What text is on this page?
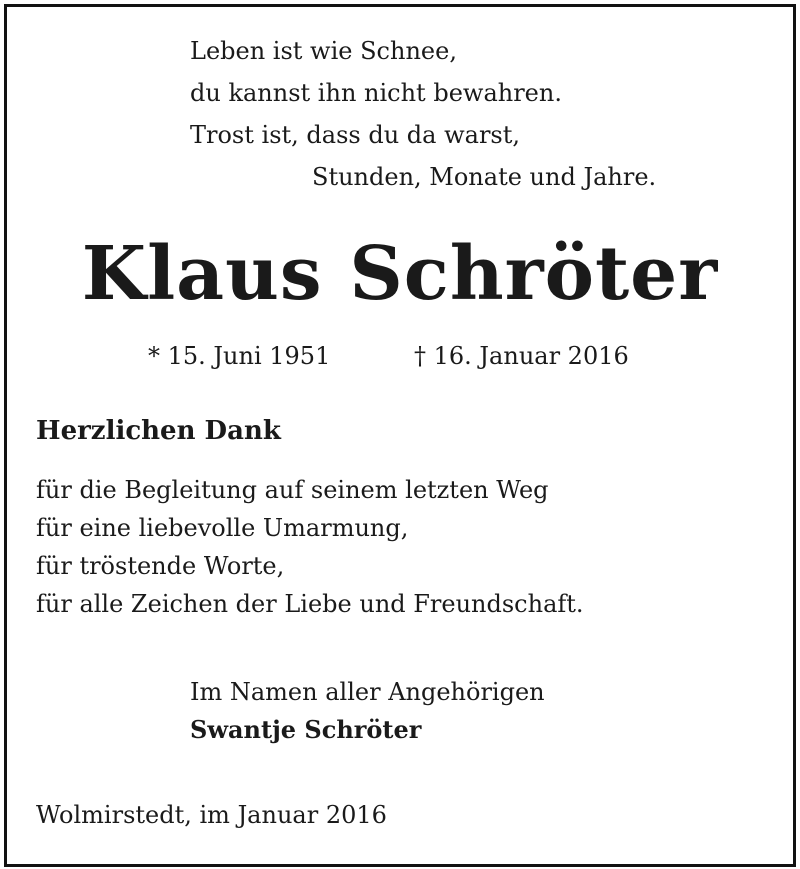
Leben ist wie Schnee,
du kannst ihn nicht bewahren.
Trost ist, dass du da warst,
Stunden, Monate und Jahre.
Klaus Schröter
* 15. Juni 1951	† 16. Januar 2016
Herzlichen Dank
für die Begleitung auf seinem letzten Weg
für eine liebevolle Umarmung,
für tröstende Worte,
für alle Zeichen der Liebe und Freundschaft.
Im Namen aller Angehörigen
Swantje Schröter
Wolmirstedt, im Januar 2016
